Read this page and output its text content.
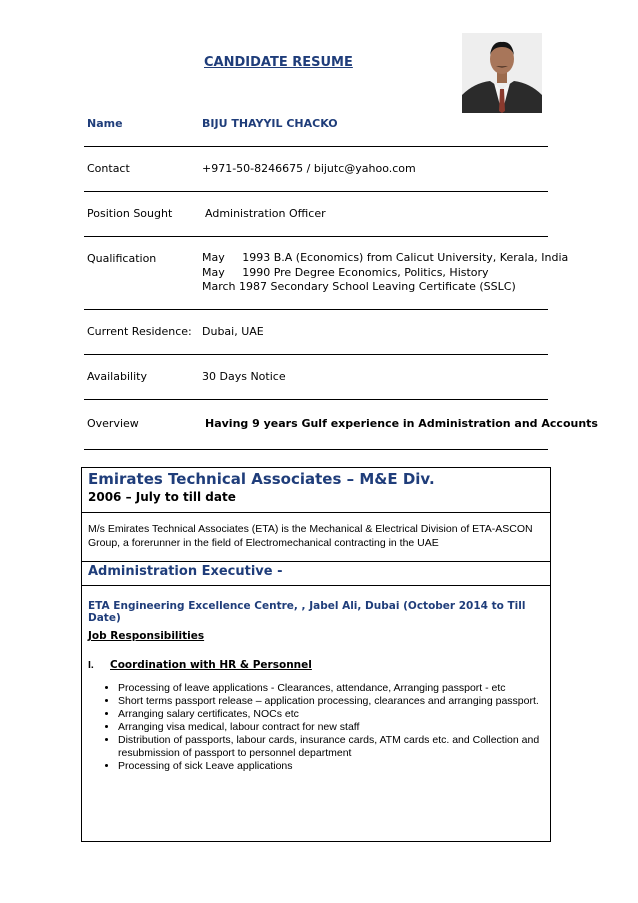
CANDIDATE RESUME
Name	BIJU THAYYIL CHACKO
Contact	+971-50-8246675 / bijutc@yahoo.com
Position Sought	Administration Officer
Qualification	May     1993 B.A (Economics) from Calicut University, Kerala, India
May     1990 Pre Degree Economics, Politics, History
March 1987 Secondary School Leaving Certificate (SSLC)
Current Residence: Dubai, UAE
Availability	30 Days Notice
Overview	Having 9 years Gulf experience in Administration and Accounts
Emirates Technical Associates – M&E Div.
2006 – July to till date
M/s Emirates Technical Associates (ETA) is the Mechanical & Electrical Division of ETA-ASCON Group, a forerunner in the field of Electromechanical contracting in the UAE
Administration Executive -
ETA Engineering Excellence Centre, , Jabel Ali, Dubai (October 2014 to Till Date)
Job Responsibilities
I. Coordination with HR & Personnel
• Processing of leave applications - Clearances, attendance, Arranging passport - etc
• Short terms passport release – application processing, clearances and arranging passport.
• Arranging salary certificates, NOCs etc
• Arranging visa medical, labour contract for new staff
• Distribution of passports, labour cards, insurance cards, ATM cards etc. and Collection and resubmission of passport to personnel department
• Processing of sick Leave applications
